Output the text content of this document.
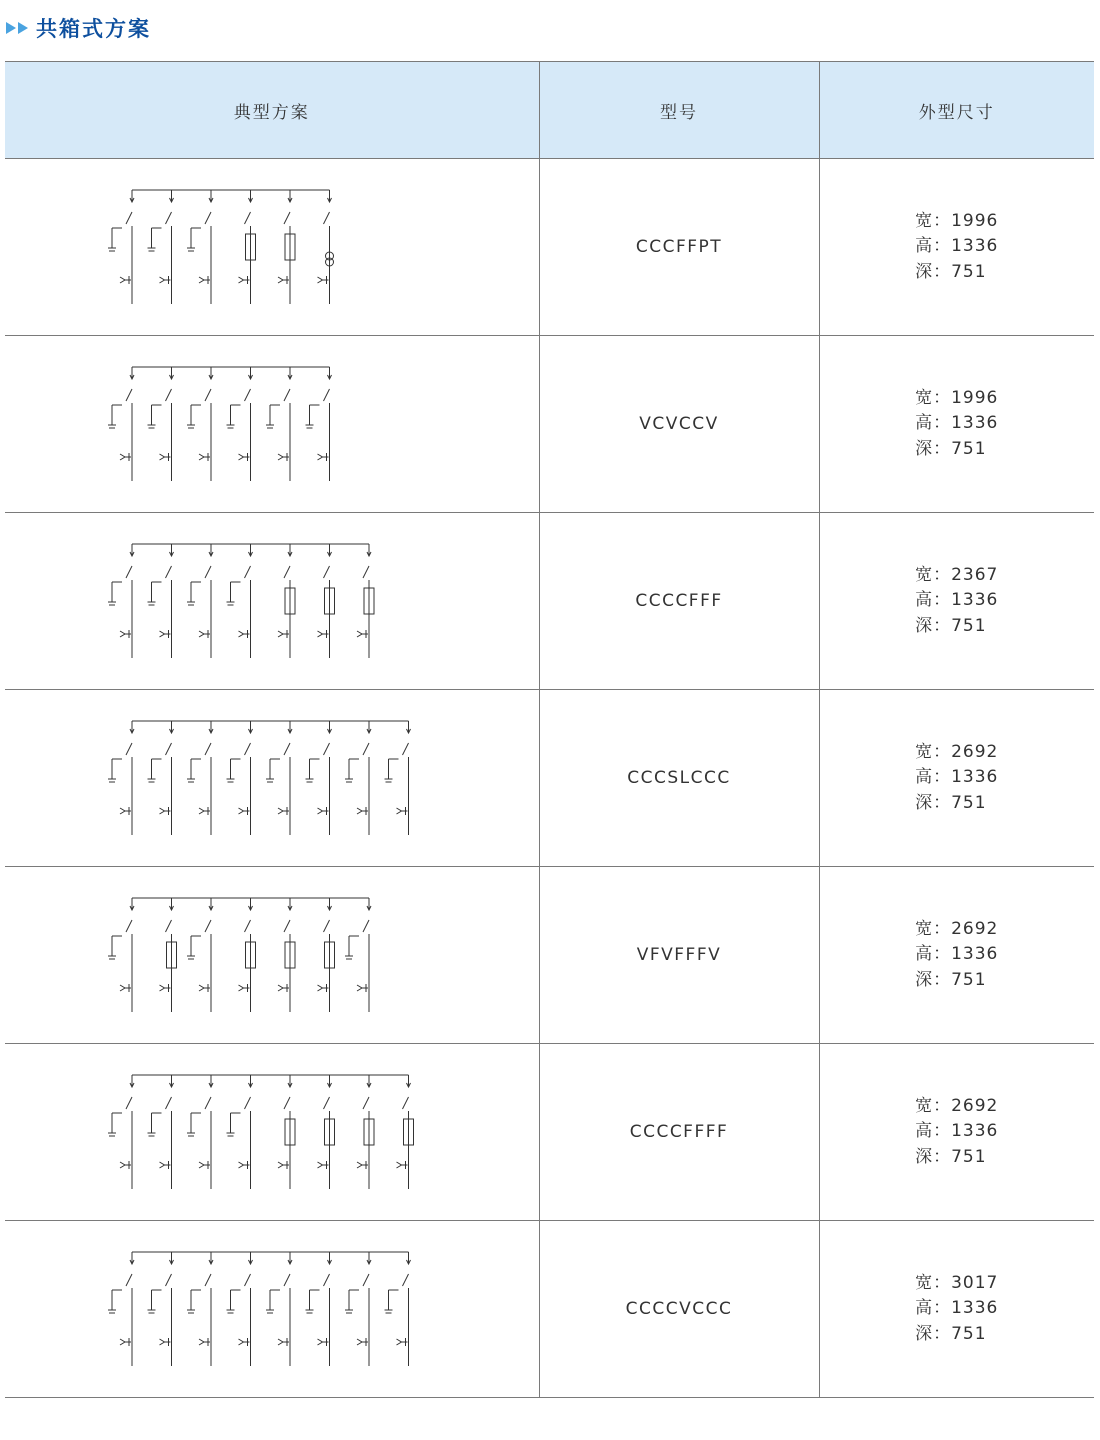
共箱式方案
典型方案	型号	外型尺寸

	CCCFFPT	宽：1996
高：1336
深：751

	VCVCCV	宽：1996
高：1336
深：751

	CCCCFFF	宽：2367
高：1336
深：751

	CCCSLCCC	宽：2692
高：1336
深：751

	VFVFFFV	宽：2692
高：1336
深：751

	CCCCFFFF	宽：2692
高：1336
深：751

	CCCCVCCC	宽：3017
高：1336
深：751
